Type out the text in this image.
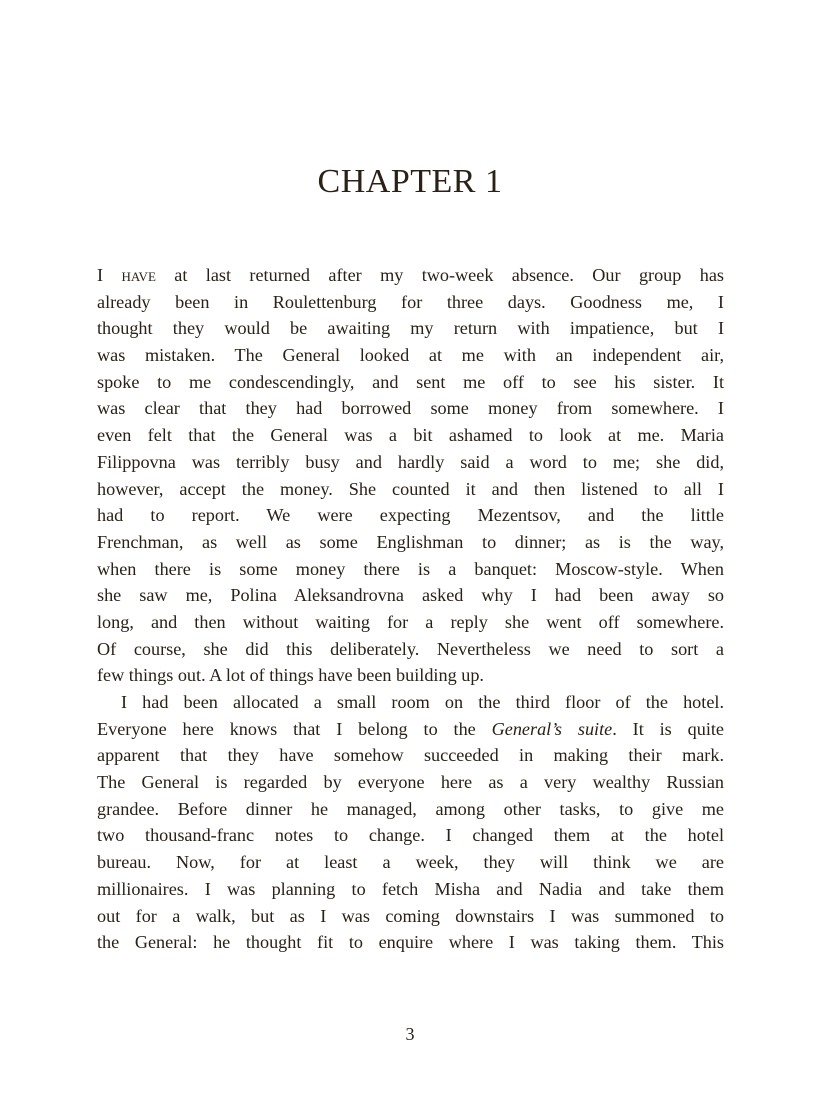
CHAPTER 1
I have at last returned after my two-week absence. Our group has
already been in Roulettenburg for three days. Goodness me, I
thought they would be awaiting my return with impatience, but I
was mistaken. The General looked at me with an independent air,
spoke to me condescendingly, and sent me off to see his sister. It
was clear that they had borrowed some money from somewhere. I
even felt that the General was a bit ashamed to look at me. Maria
Filippovna was terribly busy and hardly said a word to me; she did,
however, accept the money. She counted it and then listened to all I
had to report. We were expecting Mezentsov, and the little
Frenchman, as well as some Englishman to dinner; as is the way,
when there is some money there is a banquet: Moscow-style. When
she saw me, Polina Aleksandrovna asked why I had been away so
long, and then without waiting for a reply she went off somewhere.
Of course, she did this deliberately. Nevertheless we need to sort a
few things out. A lot of things have been building up.
I had been allocated a small room on the third floor of the hotel.
Everyone here knows that I belong to the General’s suite. It is quite
apparent that they have somehow succeeded in making their mark.
The General is regarded by everyone here as a very wealthy Russian
grandee. Before dinner he managed, among other tasks, to give me
two thousand-franc notes to change. I changed them at the hotel
bureau. Now, for at least a week, they will think we are
millionaires. I was planning to fetch Misha and Nadia and take them
out for a walk, but as I was coming downstairs I was summoned to
the General: he thought fit to enquire where I was taking them. This
3
